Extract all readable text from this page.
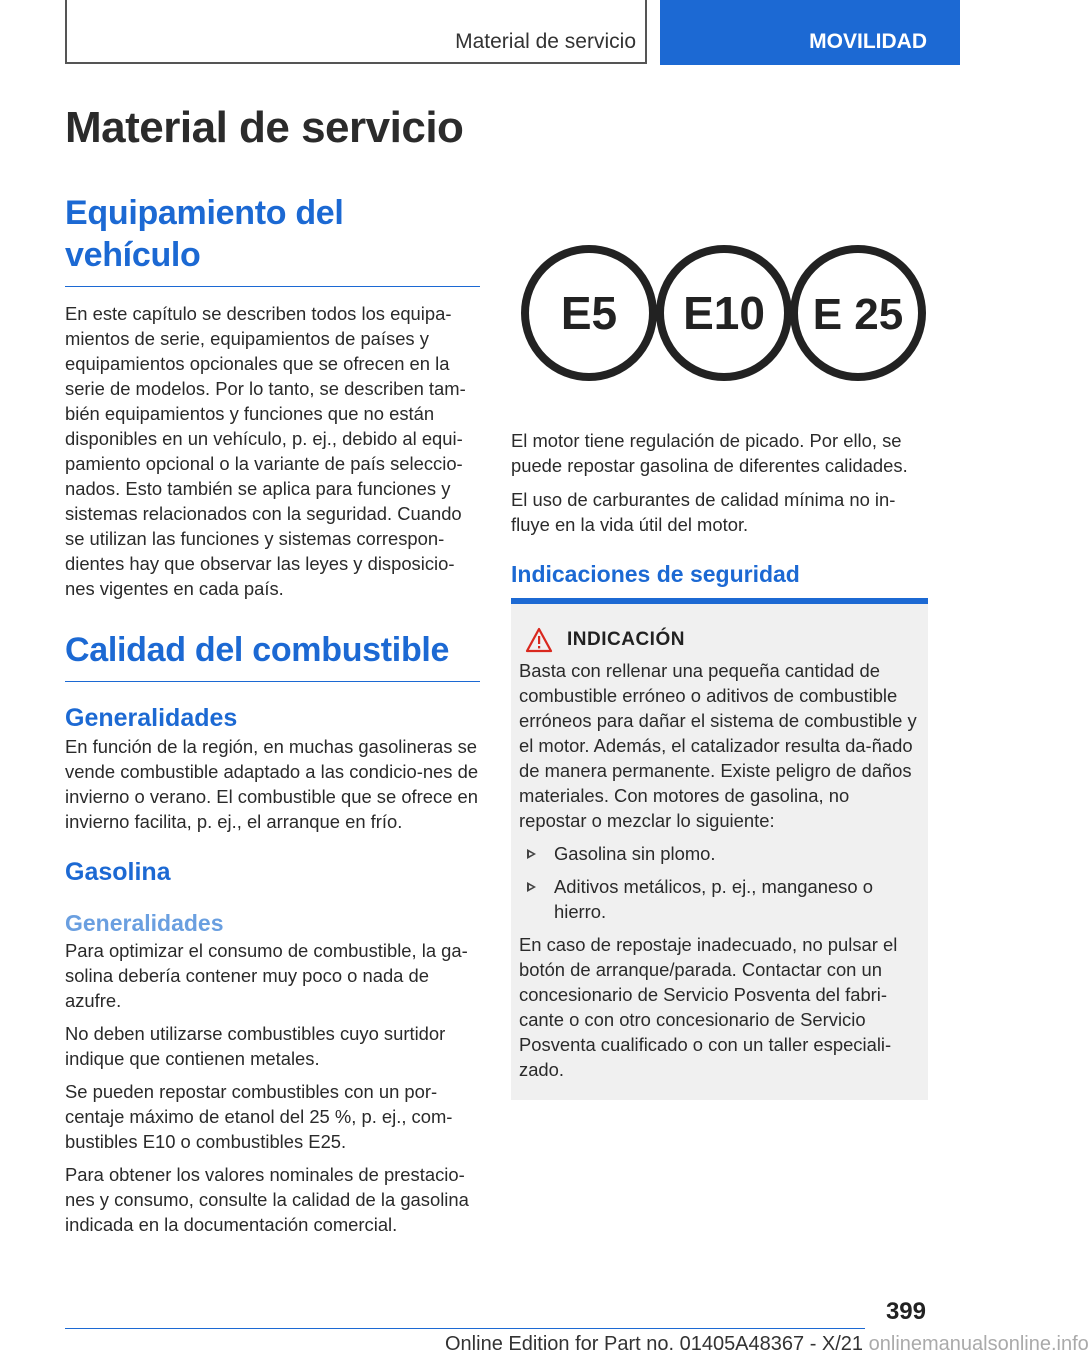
Material de servicio	MOVILIDAD
Material de servicio
Equipamiento del vehículo

En este capítulo se describen todos los equipa-mientos de serie, equipamientos de países y equipamientos opcionales que se ofrecen en la serie de modelos. Por lo tanto, se describen tam-bién equipamientos y funciones que no están disponibles en un vehículo, p. ej., debido al equi-pamiento opcional o la variante de país seleccio-nados. Esto también se aplica para funciones y sistemas relacionados con la seguridad. Cuando se utilizan las funciones y sistemas correspon-dientes hay que observar las leyes y disposicio-nes vigentes en cada país.

Calidad del combustible
Generalidades

En función de la región, en muchas gasolineras se vende combustible adaptado a las condicio-nes de invierno o verano. El combustible que se ofrece en invierno facilita, p. ej., el arranque en frío.

Gasolina
Generalidades

Para optimizar el consumo de combustible, la ga-solina debería contener muy poco o nada de azufre.

No deben utilizarse combustibles cuyo surtidor indique que contienen metales.

Se pueden repostar combustibles con un por-centaje máximo de etanol del 25 %, p. ej., com-bustibles E10 o combustibles E25.

Para obtener los valores nominales de prestacio-nes y consumo, consulte la calidad de la gasolina indicada en la documentación comercial.

E5 E10 E 25

El motor tiene regulación de picado. Por ello, se puede repostar gasolina de diferentes calidades.

El uso de carburantes de calidad mínima no in-fluye en la vida útil del motor.

Indicaciones de seguridad
INDICACIÓN

Basta con rellenar una pequeña cantidad de combustible erróneo o aditivos de combustible erróneos para dañar el sistema de combustible y el motor. Además, el catalizador resulta da-ñado de manera permanente. Existe peligro de daños materiales. Con motores de gasolina, no repostar o mezclar lo siguiente:

Gasolina sin plomo.
Aditivos metálicos, p. ej., manganeso o hierro.

En caso de repostaje inadecuado, no pulsar el botón de arranque/parada. Contactar con un concesionario de Servicio Posventa del fabri-cante o con otro concesionario de Servicio Posventa cualificado o con un taller especiali-zado.

399
Online Edition for Part no. 01405A48367 - X/21 onlinemanualsonline.info
